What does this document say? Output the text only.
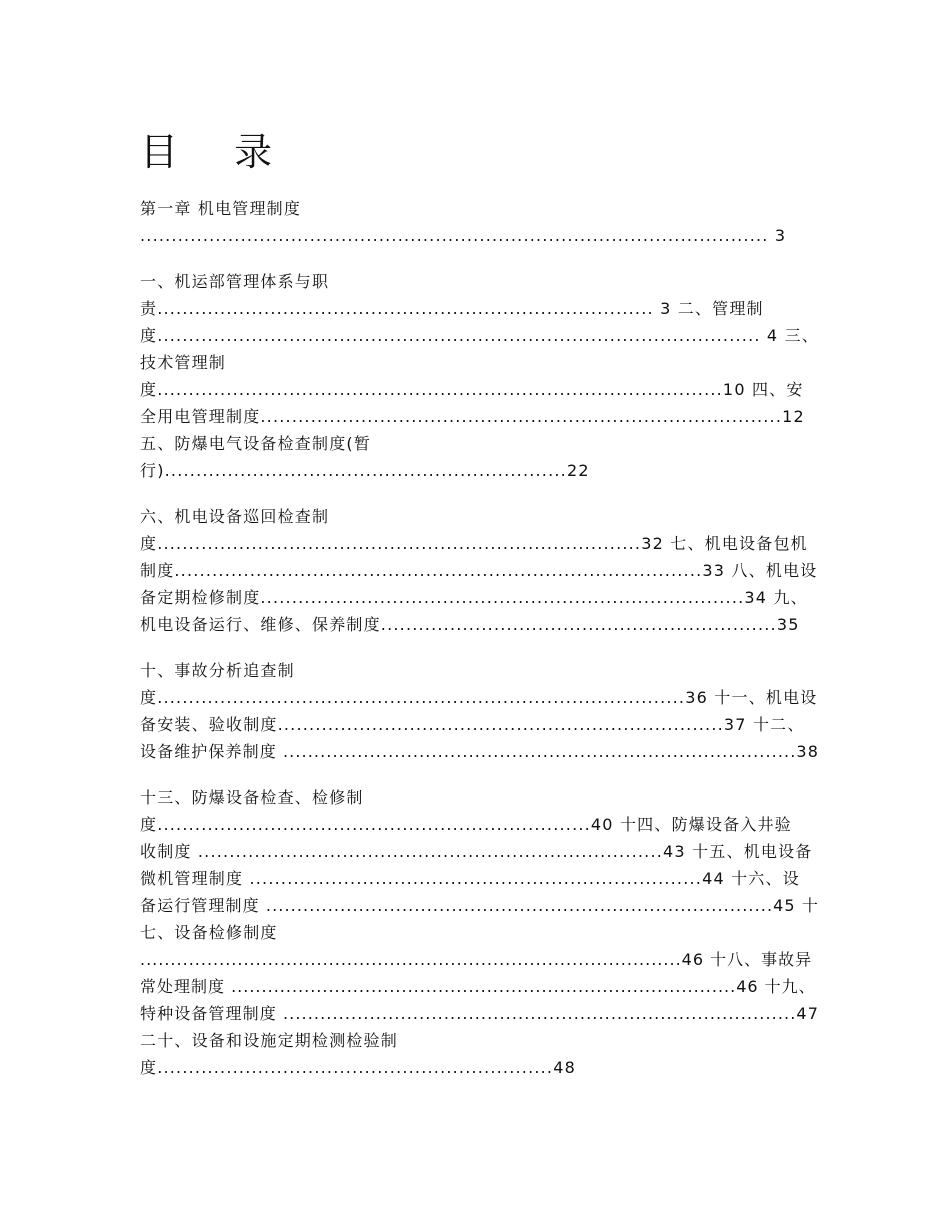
目 录
第一章 机电管理制度
.................................................................................................... 3
一、机运部管理体系与职
责............................................................................... 3 二、管理制
度................................................................................................ 4 三、
技术管理制
度..........................................................................................10 四、安
全用电管理制度...................................................................................12
五、防爆电气设备检查制度(暂
行)................................................................22
六、机电设备巡回检查制
度.............................................................................32 七、机电设备包机
制度....................................................................................33 八、机电设
备定期检修制度.............................................................................34 九、
机电设备运行、维修、保养制度...............................................................35
十、事故分析追查制
度....................................................................................36 十一、机电设
备安装、验收制度.......................................................................37 十二、
设备维护保养制度 ...................................................................................38
十三、防爆设备检查、检修制
度.....................................................................40 十四、防爆设备入井验
收制度 ..........................................................................43 十五、机电设备
微机管理制度 ........................................................................44 十六、设
备运行管理制度 ..................................................................................45 十
七、设备检修制度
.........................................................................................46 十八、事故异
常处理制度 ...................................................................................46 十九、
特种设备管理制度 ...................................................................................47
二十、设备和设施定期检测检验制
度...............................................................48
